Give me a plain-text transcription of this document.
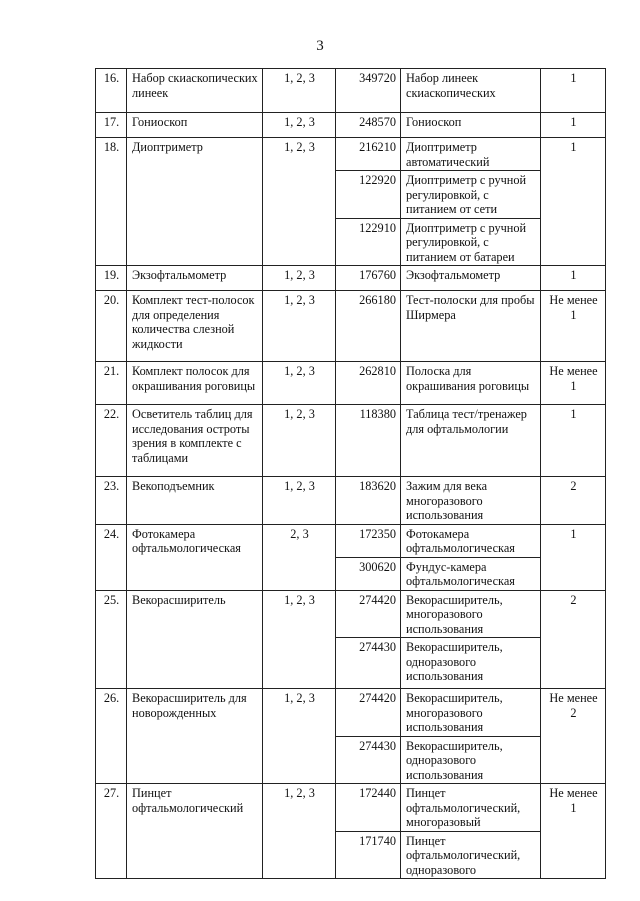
3
16.	Набор скиаскопических линеек	1, 2, 3	349720	Набор линеек скиаскопических	1
17.	Гониоскоп	1, 2, 3	248570	Гониоскоп	1
18.	Диоптриметр	1, 2, 3	216210	Диоптриметр автоматический	1
			122920	Диоптриметр с ручной регулировкой, с питанием от сети	
			122910	Диоптриметр с ручной регулировкой, с питанием от батареи	
19.	Экзофтальмометр	1, 2, 3	176760	Экзофтальмометр	1
20.	Комплект тест-полосок для определения количества слезной жидкости	1, 2, 3	266180	Тест-полоски для пробы Ширмера	Не менее 1
21.	Комплект полосок для окрашивания роговицы	1, 2, 3	262810	Полоска для окрашивания роговицы	Не менее 1
22.	Осветитель таблиц для исследования остроты зрения в комплекте с таблицами	1, 2, 3	118380	Таблица тест/тренажер для офтальмологии	1
23.	Векоподъемник	1, 2, 3	183620	Зажим для века многоразового использования	2
24.	Фотокамера офтальмологическая	2, 3	172350	Фотокамера офтальмологическая	1
			300620	Фундус-камера офтальмологическая	
25.	Векорасширитель	1, 2, 3	274420	Векорасширитель, многоразового использования	2
			274430	Векорасширитель, одноразового использования	
26.	Векорасширитель для новорожденных	1, 2, 3	274420	Векорасширитель, многоразового использования	Не менее 2
			274430	Векорасширитель, одноразового использования	
27.	Пинцет офтальмологический	1, 2, 3	172440	Пинцет офтальмологический, многоразовый	Не менее 1
			171740	Пинцет офтальмологический, одноразового	
